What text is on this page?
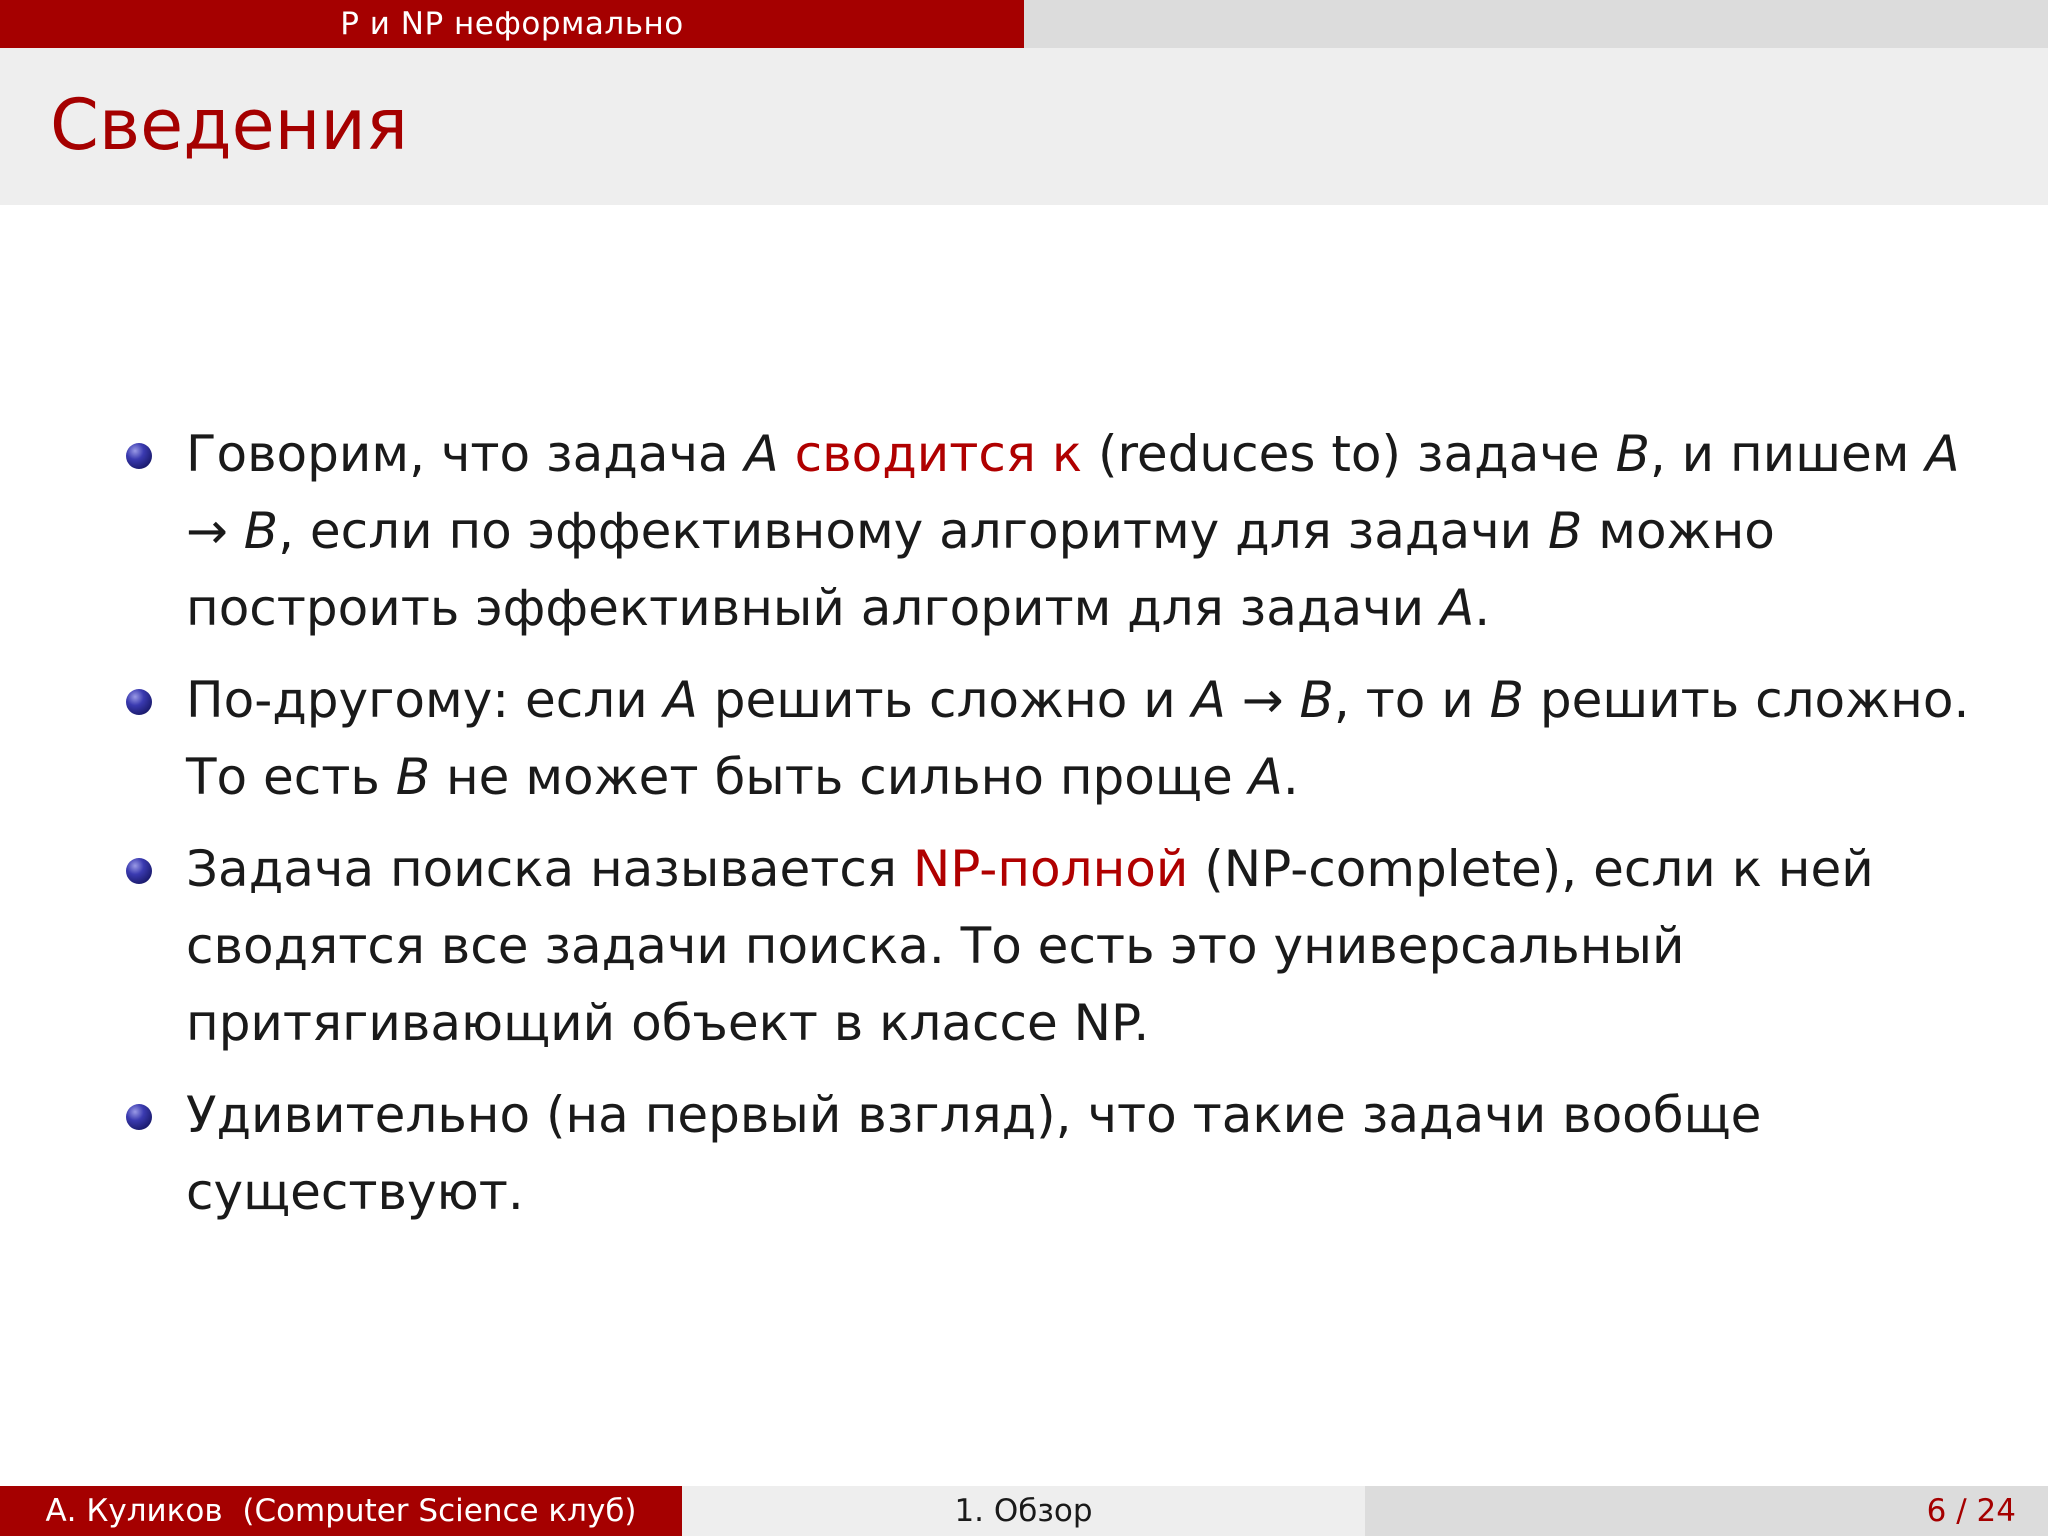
P и NP неформально
Сведения
Говорим, что задача A сводится к (reduces to) задаче B, и пишем A → B, если по эффективному алгоритму для задачи B можно построить эффективный алгоритм для задачи A.
По-другому: если A решить сложно и A → B, то и B решить сложно. То есть B не может быть сильно проще A.
Задача поиска называется NP-полной (NP-complete), если к ней сводятся все задачи поиска. То есть это универсальный притягивающий объект в классе NP.
Удивительно (на первый взгляд), что такие задачи вообще существуют.
А. Куликов  (Computer Science клуб)	1. Обзор	6 / 24
